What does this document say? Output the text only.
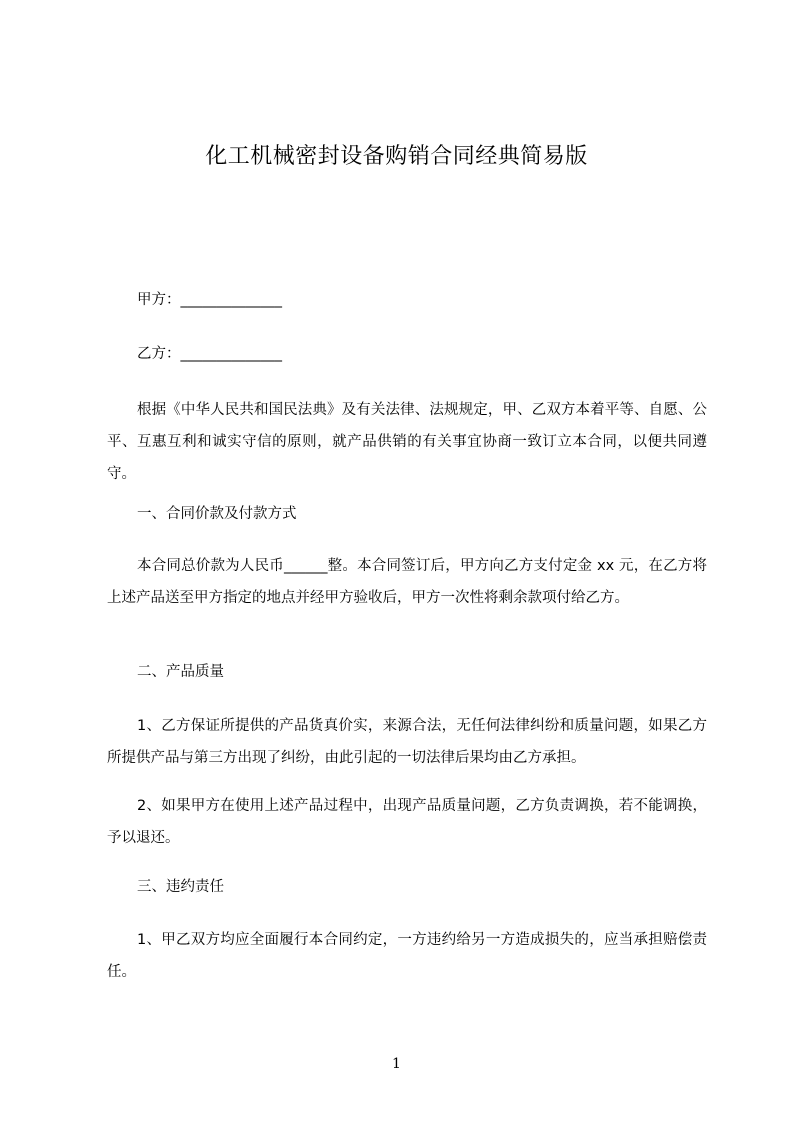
化工机械密封设备购销合同经典简易版
甲方：______________
乙方：______________
根据《中华人民共和国民法典》及有关法律、法规规定，甲、乙双方本着平等、自愿、公平、互惠互利和诚实守信的原则，就产品供销的有关事宜协商一致订立本合同，以便共同遵守。
一、合同价款及付款方式
本合同总价款为人民币______整。本合同签订后，甲方向乙方支付定金 xx 元，在乙方将上述产品送至甲方指定的地点并经甲方验收后，甲方一次性将剩余款项付给乙方。
二、产品质量
1、乙方保证所提供的产品货真价实，来源合法，无任何法律纠纷和质量问题，如果乙方所提供产品与第三方出现了纠纷，由此引起的一切法律后果均由乙方承担。
2、如果甲方在使用上述产品过程中，出现产品质量问题，乙方负责调换，若不能调换，予以退还。
三、违约责任
1、甲乙双方均应全面履行本合同约定，一方违约给另一方造成损失的，应当承担赔偿责任。
1
